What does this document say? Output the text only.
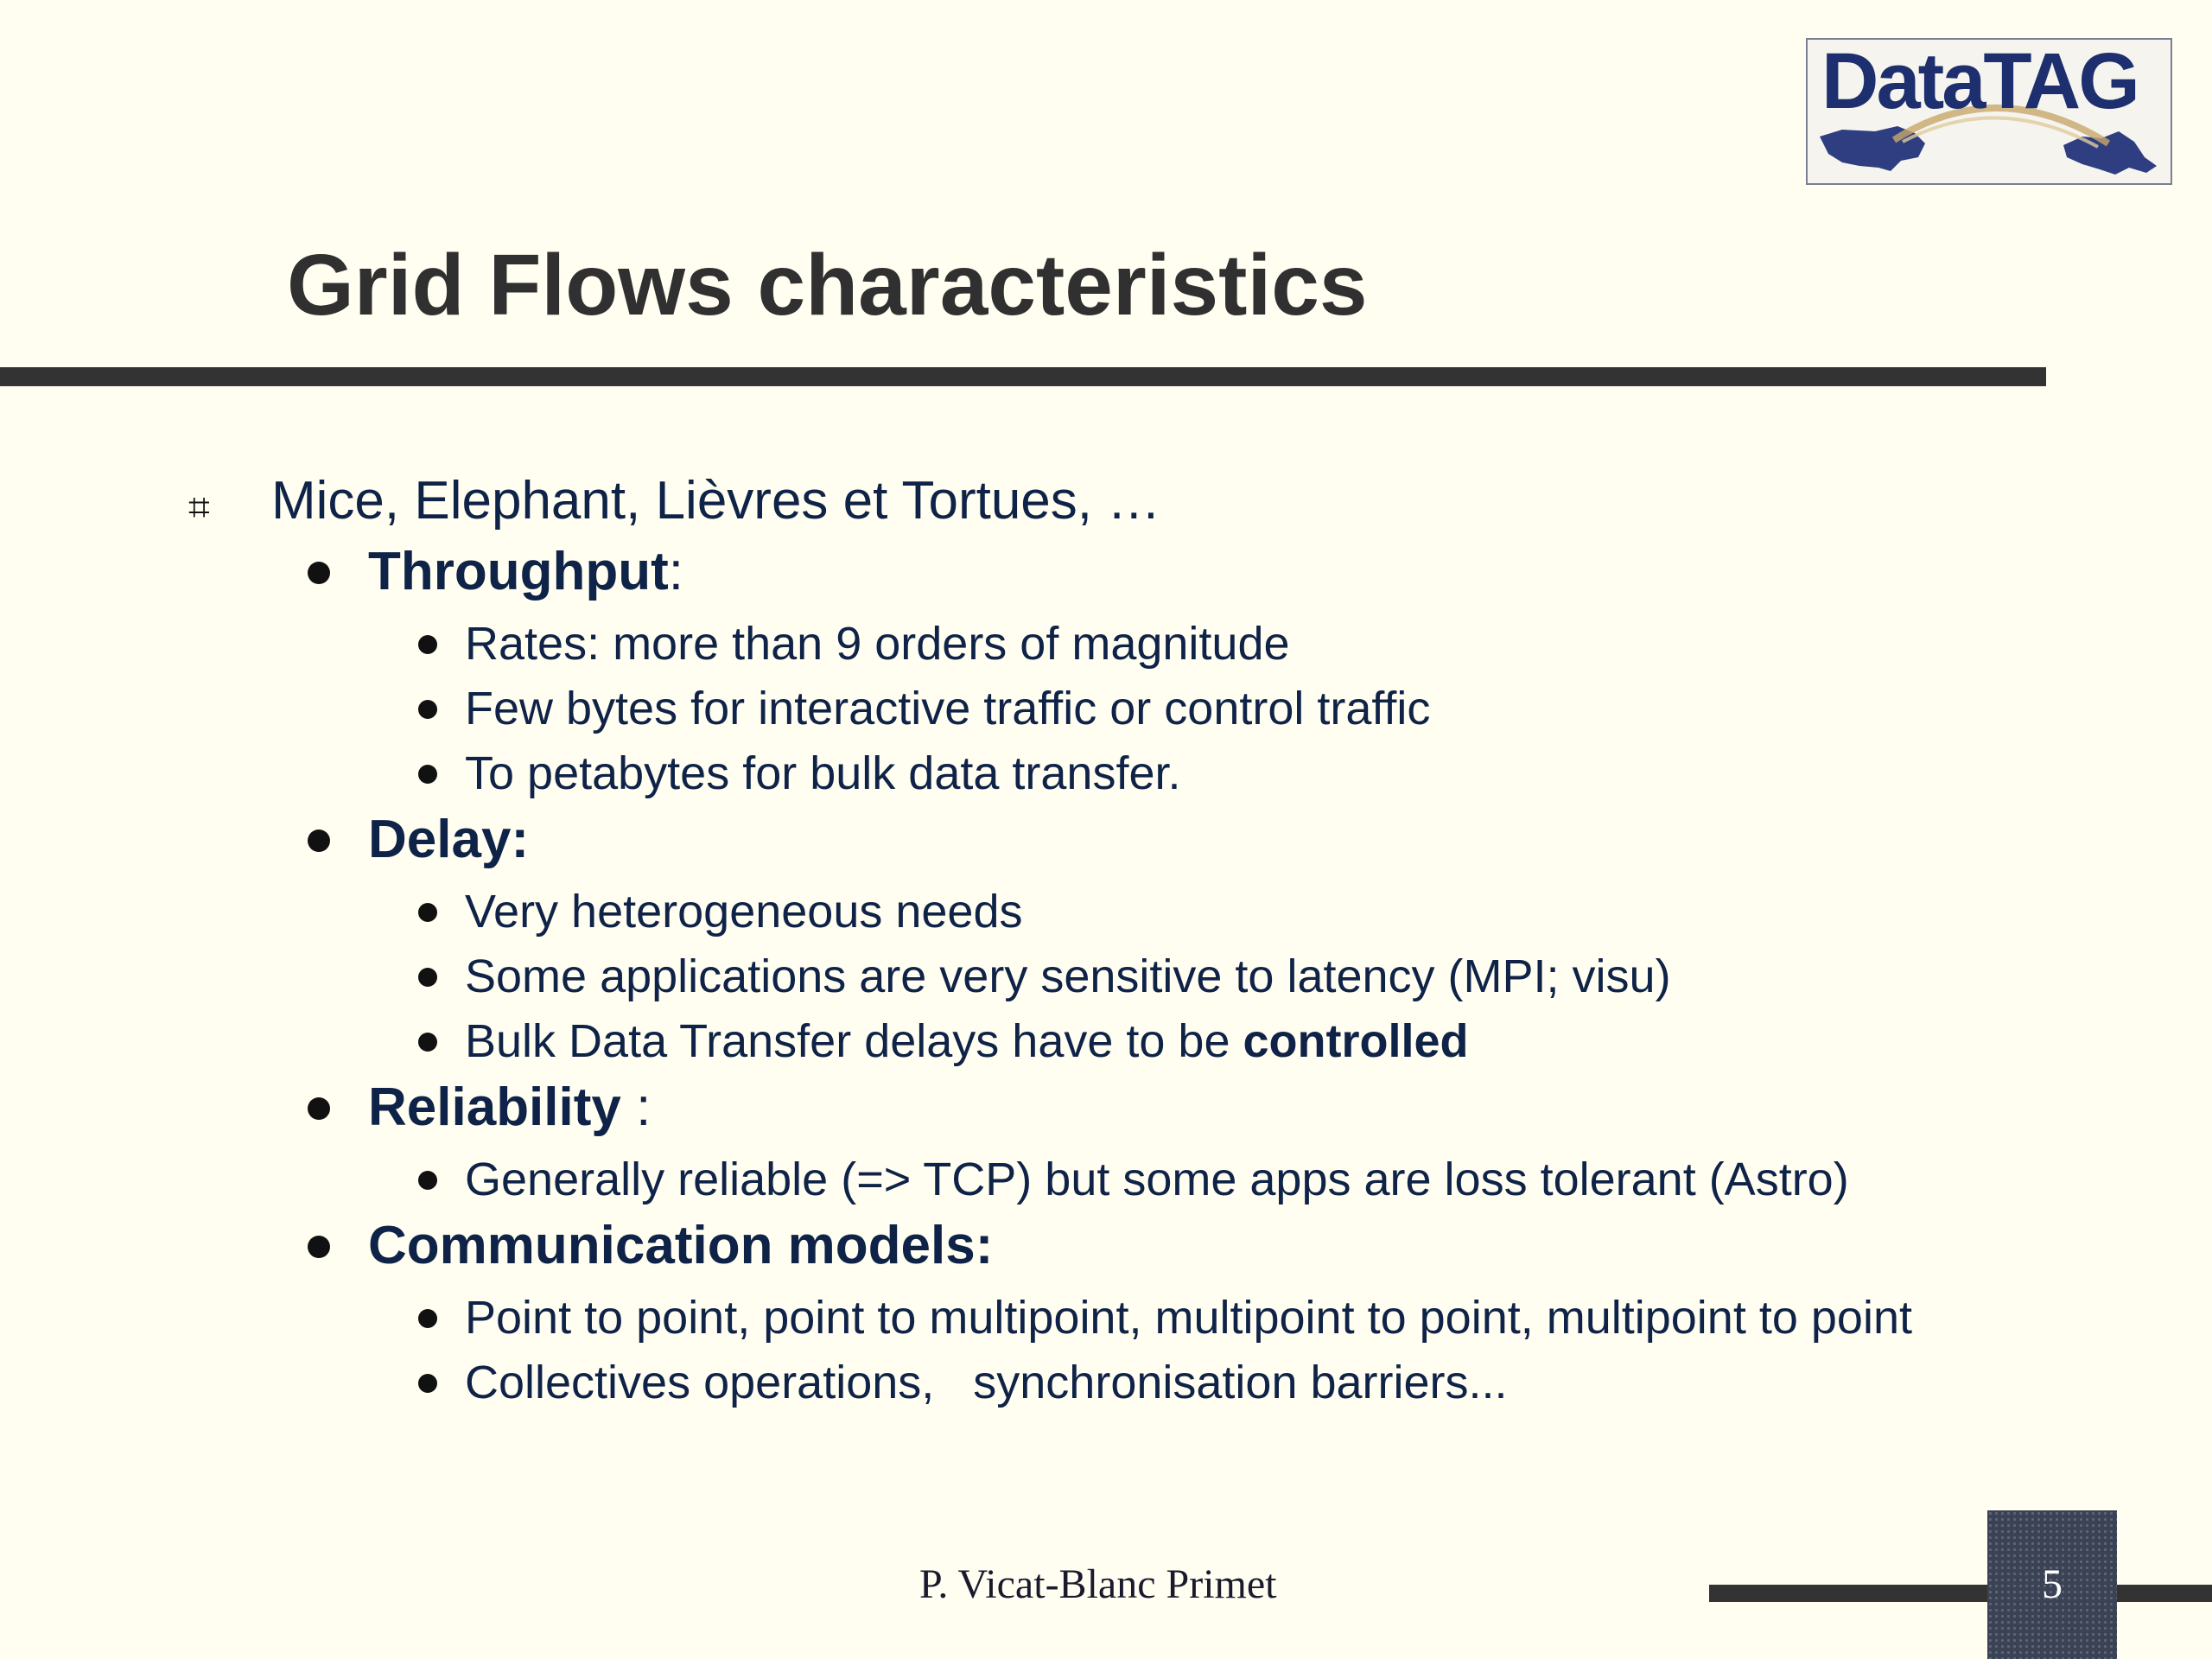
DataTAG
Grid Flows characteristics
⌗ Mice, Elephant, Lièvres et Tortues, …
Throughput:
Rates: more than 9 orders of magnitude
Few bytes for interactive traffic or control traffic
To petabytes for bulk data transfer.
Delay:
Very heterogeneous needs
Some applications are very sensitive to latency (MPI; visu)
Bulk Data Transfer delays have to be controlled
Reliability :
Generally reliable (=> TCP) but some apps are loss tolerant (Astro)
Communication models:
Point to point, point to multipoint, multipoint to point, multipoint to point
Collectives operations,   synchronisation barriers...
P. Vicat-Blanc Primet	5
